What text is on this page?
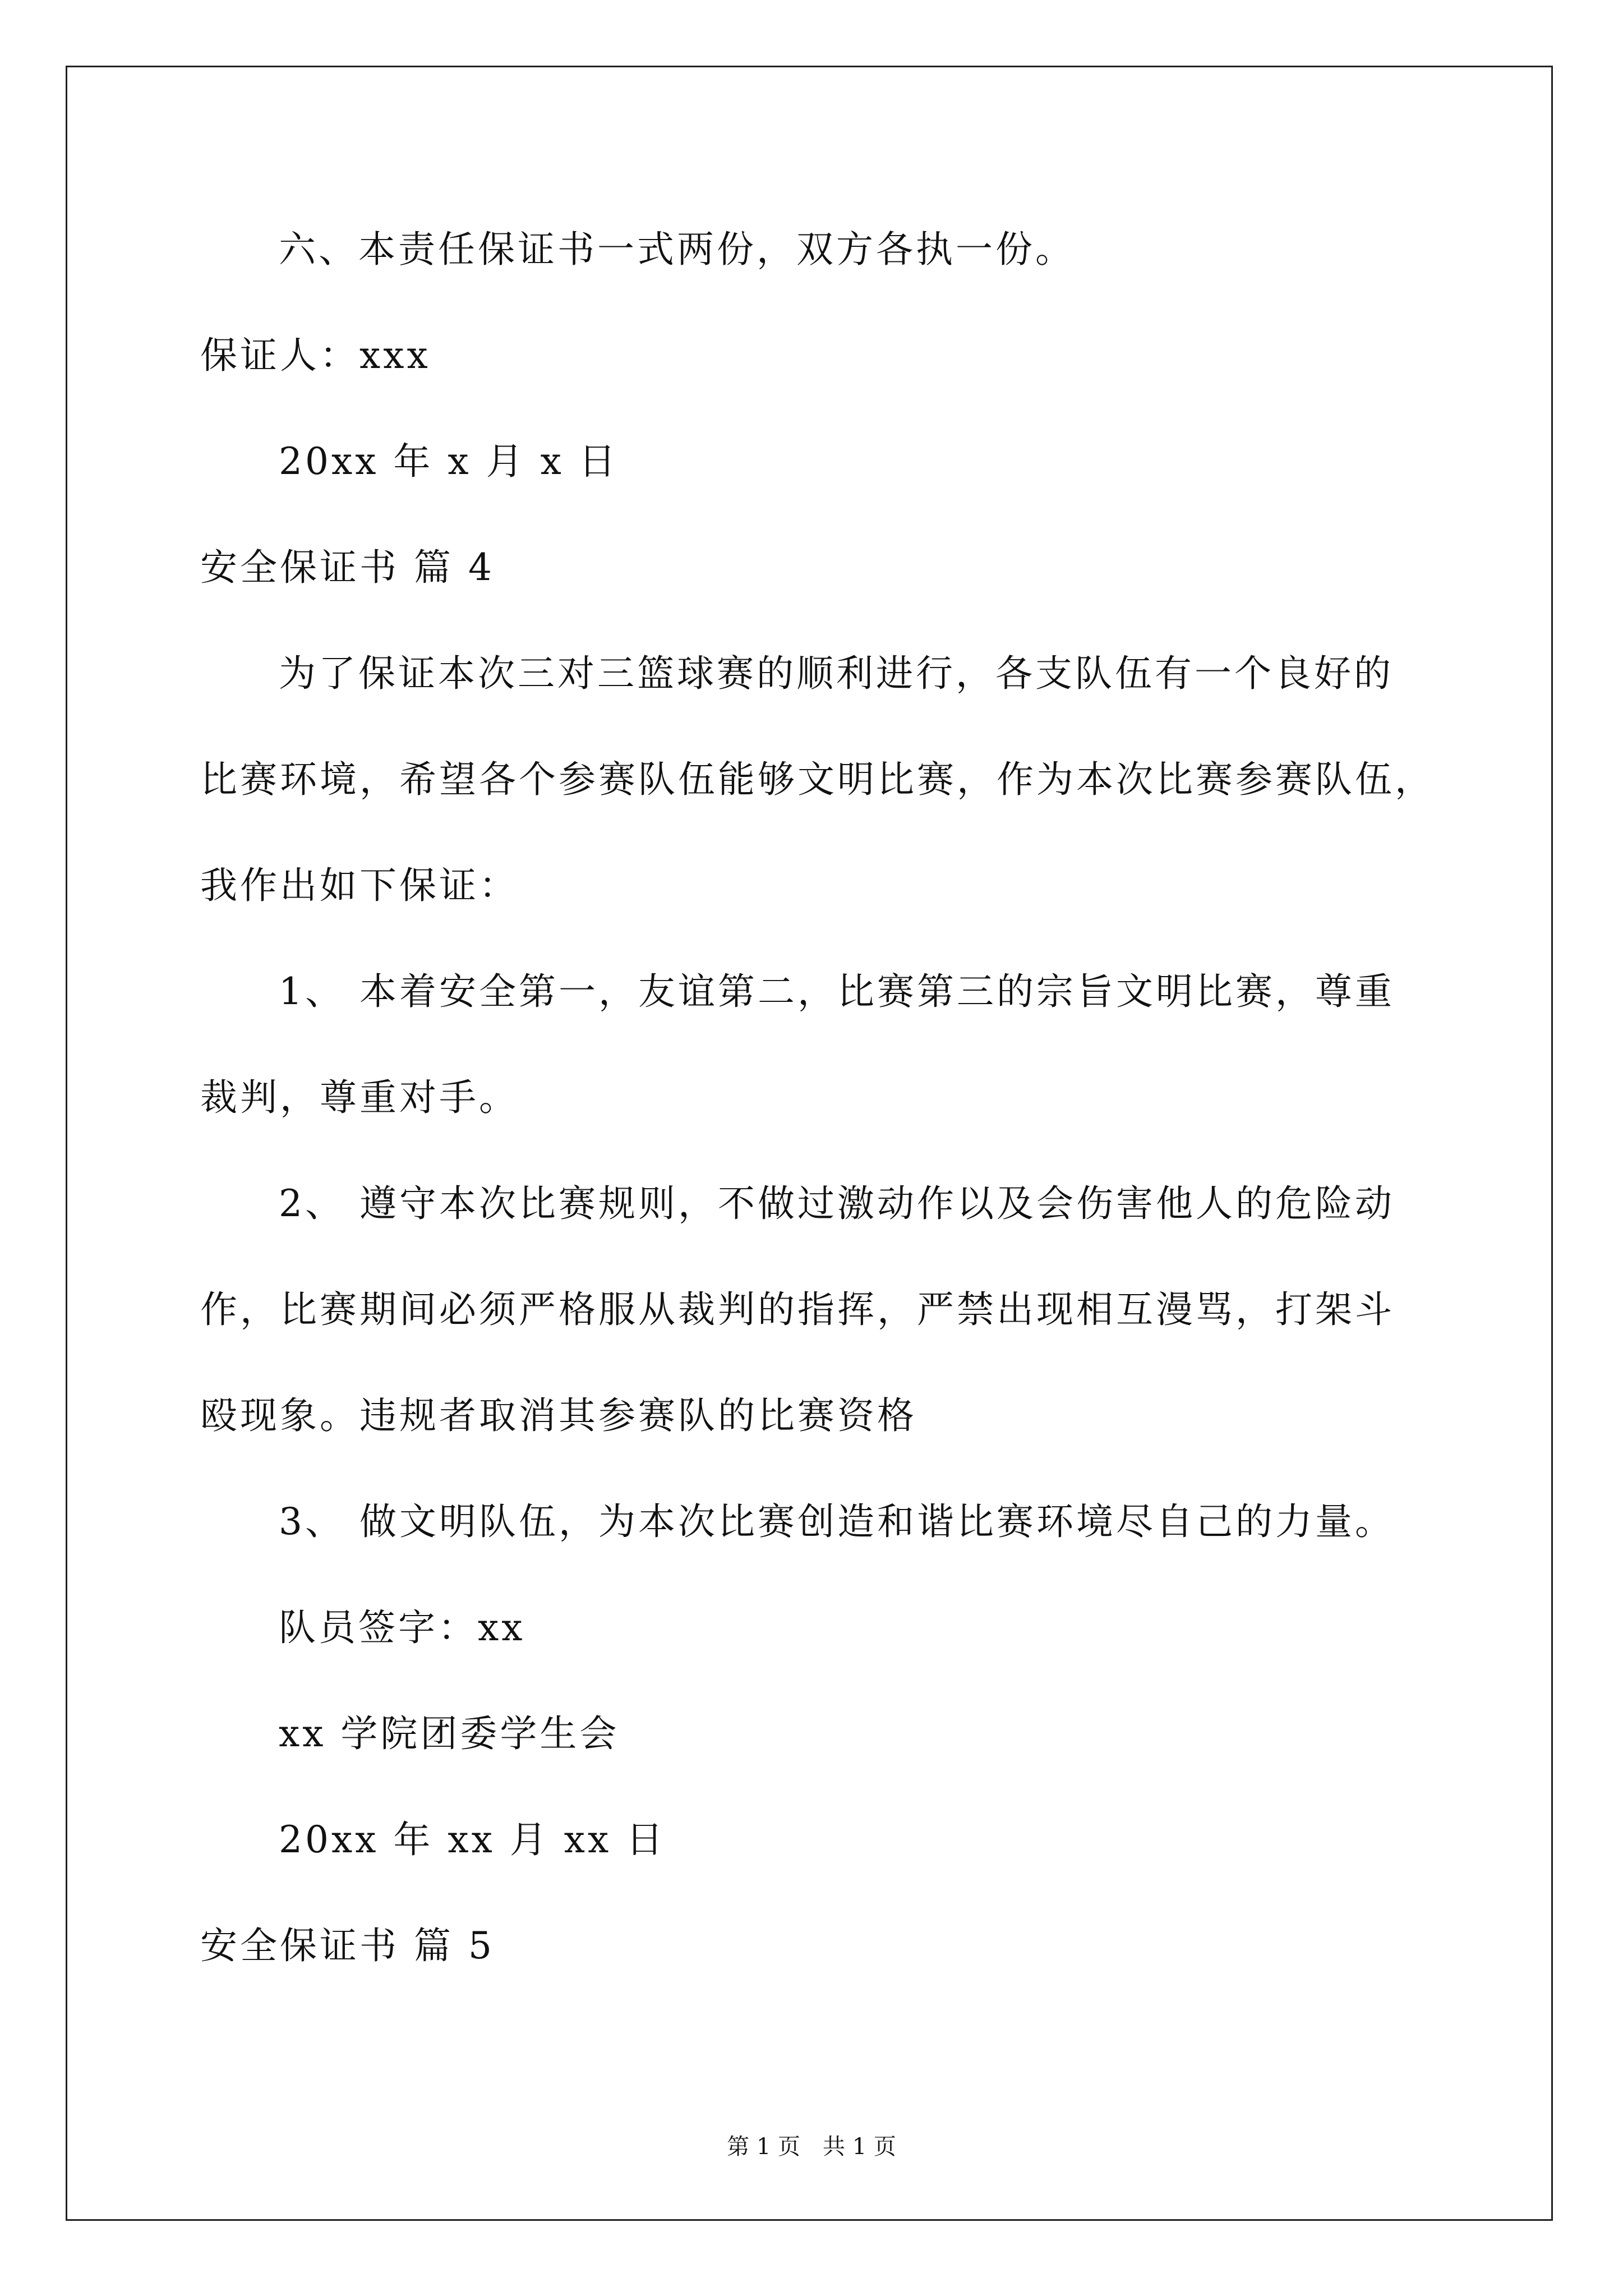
六、本责任保证书一式两份，双方各执一份。
保证人：xxx
20xx 年 x 月 x 日
安全保证书 篇 4
为了保证本次三对三篮球赛的顺利进行，各支队伍有一个良好的
比赛环境，希望各个参赛队伍能够文明比赛，作为本次比赛参赛队伍，
我作出如下保证：
1、 本着安全第一，友谊第二，比赛第三的宗旨文明比赛，尊重
裁判，尊重对手。
2、 遵守本次比赛规则，不做过激动作以及会伤害他人的危险动
作，比赛期间必须严格服从裁判的指挥，严禁出现相互漫骂，打架斗
殴现象。违规者取消其参赛队的比赛资格
3、 做文明队伍，为本次比赛创造和谐比赛环境尽自己的力量。
队员签字：xx
xx 学院团委学生会
20xx 年 xx 月 xx 日
安全保证书 篇 5
第 1 页　共 1 页
